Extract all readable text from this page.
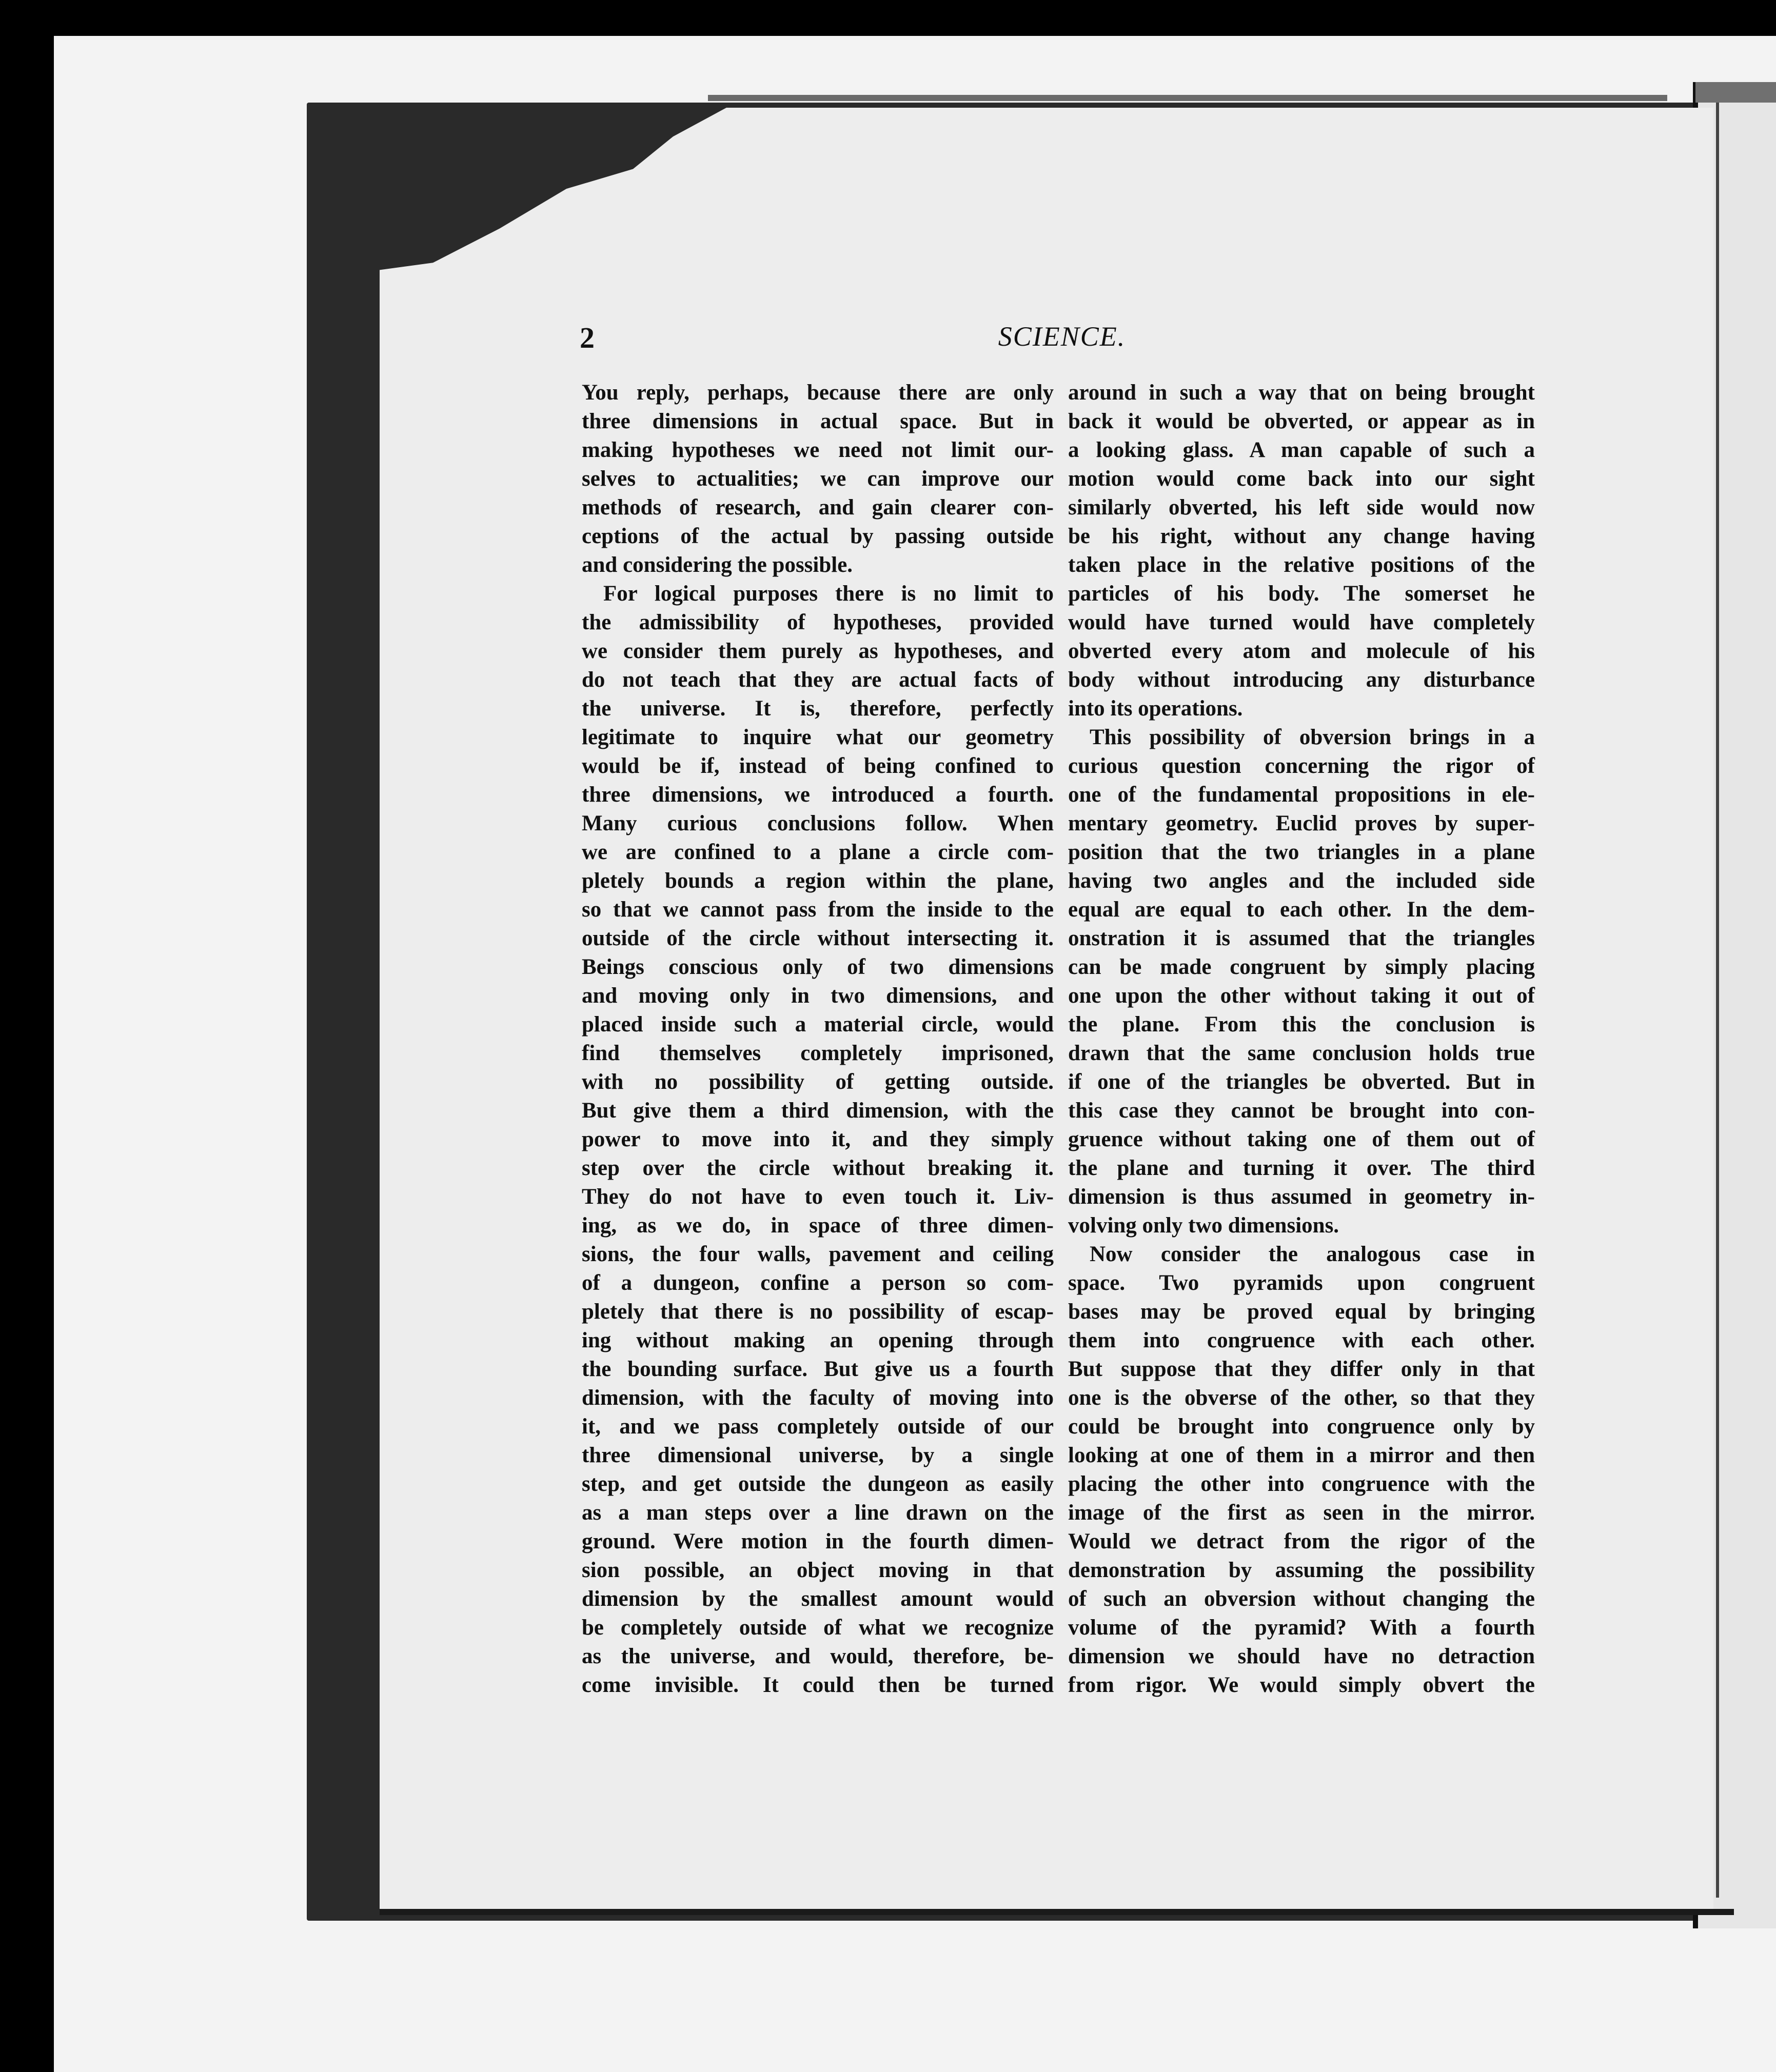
2	SCIENCE.
You reply, perhaps, because there are only
three dimensions in actual space. But in
making hypotheses we need not limit our-
selves to actualities; we can improve our
methods of research, and gain clearer con-
ceptions of the actual by passing outside
and considering the possible.
For logical purposes there is no limit to
the admissibility of hypotheses, provided
we consider them purely as hypotheses, and
do not teach that they are actual facts of
the universe. It is, therefore, perfectly
legitimate to inquire what our geometry
would be if, instead of being confined to
three dimensions, we introduced a fourth.
Many curious conclusions follow. When
we are confined to a plane a circle com-
pletely bounds a region within the plane,
so that we cannot pass from the inside to the
outside of the circle without intersecting it.
Beings conscious only of two dimensions
and moving only in two dimensions, and
placed inside such a material circle, would
find themselves completely imprisoned,
with no possibility of getting outside.
But give them a third dimension, with the
power to move into it, and they simply
step over the circle without breaking it.
They do not have to even touch it. Liv-
ing, as we do, in space of three dimen-
sions, the four walls, pavement and ceiling
of a dungeon, confine a person so com-
pletely that there is no possibility of escap-
ing without making an opening through
the bounding surface. But give us a fourth
dimension, with the faculty of moving into
it, and we pass completely outside of our
three dimensional universe, by a single
step, and get outside the dungeon as easily
as a man steps over a line drawn on the
ground. Were motion in the fourth dimen-
sion possible, an object moving in that
dimension by the smallest amount would
be completely outside of what we recognize
as the universe, and would, therefore, be-
come invisible. It could then be turned
around in such a way that on being brought
back it would be obverted, or appear as in
a looking glass. A man capable of such a
motion would come back into our sight
similarly obverted, his left side would now
be his right, without any change having
taken place in the relative positions of the
particles of his body. The somerset he
would have turned would have completely
obverted every atom and molecule of his
body without introducing any disturbance
into its operations.
This possibility of obversion brings in a
curious question concerning the rigor of
one of the fundamental propositions in ele-
mentary geometry. Euclid proves by super-
position that the two triangles in a plane
having two angles and the included side
equal are equal to each other. In the dem-
onstration it is assumed that the triangles
can be made congruent by simply placing
one upon the other without taking it out of
the plane. From this the conclusion is
drawn that the same conclusion holds true
if one of the triangles be obverted. But in
this case they cannot be brought into con-
gruence without taking one of them out of
the plane and turning it over. The third
dimension is thus assumed in geometry in-
volving only two dimensions.
Now consider the analogous case in
space. Two pyramids upon congruent
bases may be proved equal by bringing
them into congruence with each other.
But suppose that they differ only in that
one is the obverse of the other, so that they
could be brought into congruence only by
looking at one of them in a mirror and then
placing the other into congruence with the
image of the first as seen in the mirror.
Would we detract from the rigor of the
demonstration by assuming the possibility
of such an obversion without changing the
volume of the pyramid? With a fourth
dimension we should have no detraction
from rigor. We would simply obvert the
